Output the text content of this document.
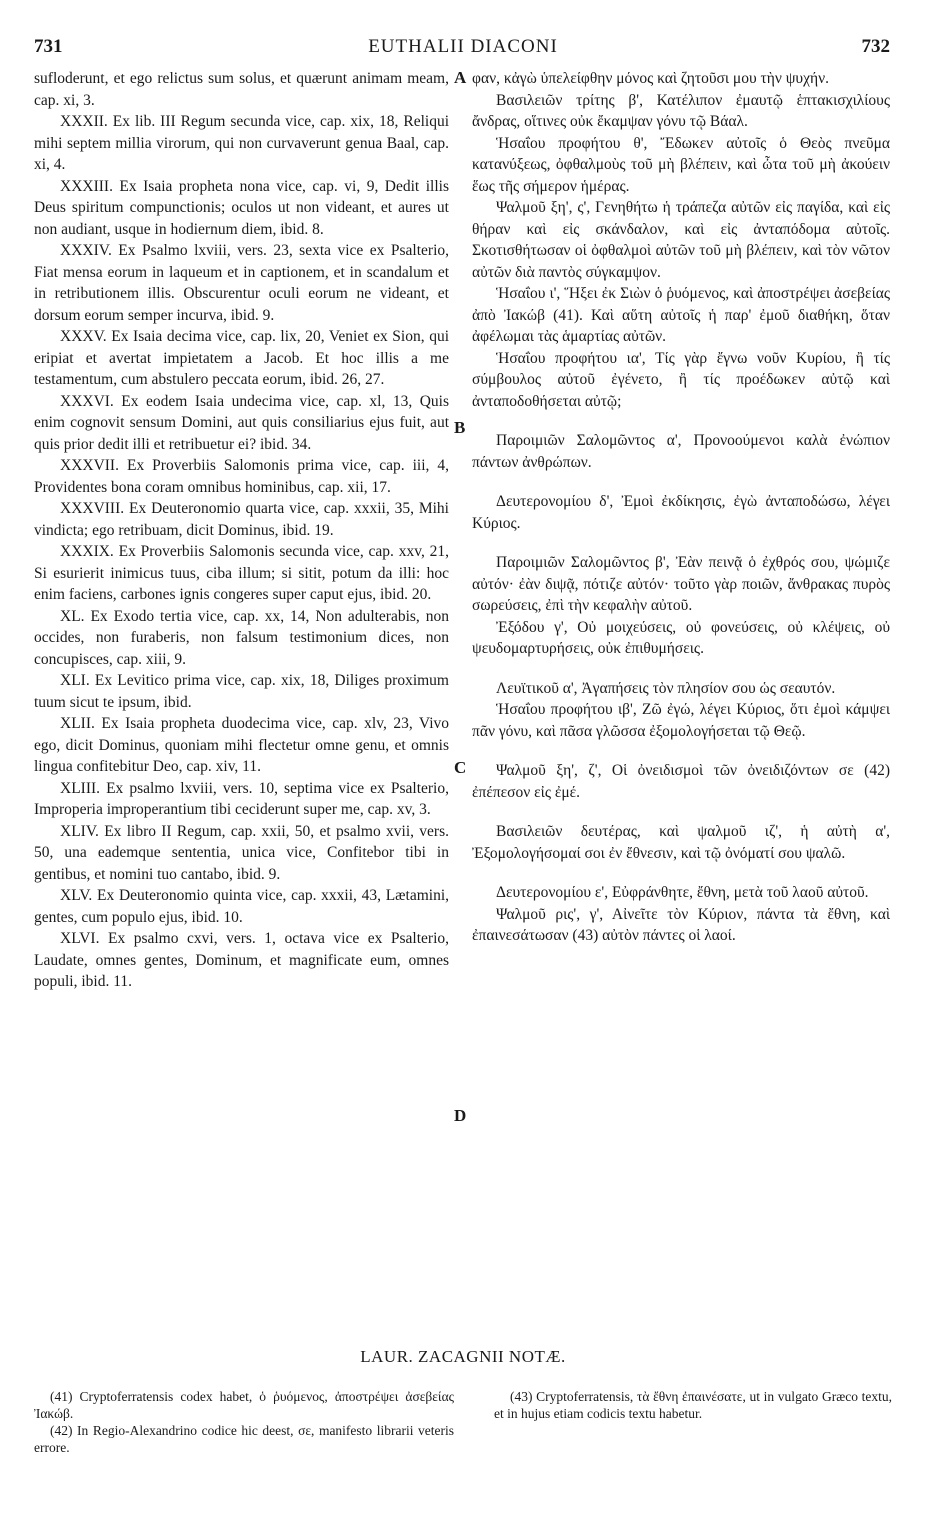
731	EUTHALII DIACONI	732
A
B
C
D

sufloderunt, et ego relictus sum solus, et quærunt animam meam, cap. xi, 3.

XXXII. Ex lib. III Regum secunda vice, cap. xix, 18, Reliqui mihi septem millia virorum, qui non curvaverunt genua Baal, cap. xi, 4.

XXXIII. Ex Isaia propheta nona vice, cap. vi, 9, Dedit illis Deus spiritum compunctionis; oculos ut non videant, et aures ut non audiant, usque in hodiernum diem, ibid. 8.

XXXIV. Ex Psalmo lxviii, vers. 23, sexta vice ex Psalterio, Fiat mensa eorum in laqueum et in captionem, et in scandalum et in retributionem illis. Obscurentur oculi eorum ne videant, et dorsum eorum semper incurva, ibid. 9.

XXXV. Ex Isaia decima vice, cap. lix, 20, Veniet ex Sion, qui eripiat et avertat impietatem a Jacob. Et hoc illis a me testamentum, cum abstulero peccata eorum, ibid. 26, 27.

XXXVI. Ex eodem Isaia undecima vice, cap. xl, 13, Quis enim cognovit sensum Domini, aut quis consiliarius ejus fuit, aut quis prior dedit illi et retribuetur ei? ibid. 34.

XXXVII. Ex Proverbiis Salomonis prima vice, cap. iii, 4, Providentes bona coram omnibus hominibus, cap. xii, 17.

XXXVIII. Ex Deuteronomio quarta vice, cap. xxxii, 35, Mihi vindicta; ego retribuam, dicit Dominus, ibid. 19.

XXXIX. Ex Proverbiis Salomonis secunda vice, cap. xxv, 21, Si esurierit inimicus tuus, ciba illum; si sitit, potum da illi: hoc enim faciens, carbones ignis congeres super caput ejus, ibid. 20.

XL. Ex Exodo tertia vice, cap. xx, 14, Non adulterabis, non occides, non furaberis, non falsum testimonium dices, non concupisces, cap. xiii, 9.

XLI. Ex Levitico prima vice, cap. xix, 18, Diliges proximum tuum sicut te ipsum, ibid.

XLII. Ex Isaia propheta duodecima vice, cap. xlv, 23, Vivo ego, dicit Dominus, quoniam mihi flectetur omne genu, et omnis lingua confitebitur Deo, cap. xiv, 11.

XLIII. Ex psalmo lxviii, vers. 10, septima vice ex Psalterio, Improperia improperantium tibi ceciderunt super me, cap. xv, 3.

XLIV. Ex libro II Regum, cap. xxii, 50, et psalmo xvii, vers. 50, una eademque sententia, unica vice, Confitebor tibi in gentibus, et nomini tuo cantabo, ibid. 9.

XLV. Ex Deuteronomio quinta vice, cap. xxxii, 43, Lætamini, gentes, cum populo ejus, ibid. 10.

XLVI. Ex psalmo cxvi, vers. 1, octava vice ex Psalterio, Laudate, omnes gentes, Dominum, et magnificate eum, omnes populi, ibid. 11.

φαν, κἀγὼ ὑπελείφθην μόνος καὶ ζητοῦσι μου τὴν ψυχήν.

Βασιλειῶν τρίτης β', Κατέλιπον ἐμαυτῷ ἑπτακισχιλίους ἄνδρας, οἵτινες οὐκ ἔκαμψαν γόνυ τῷ Βάαλ.

Ἡσαΐου προφήτου θ', Ἔδωκεν αὐτοῖς ὁ Θεὸς πνεῦμα κατανύξεως, ὀφθαλμοὺς τοῦ μὴ βλέπειν, καὶ ὦτα τοῦ μὴ ἀκούειν ἕως τῆς σήμερον ἡμέρας.

Ψαλμοῦ ξη', ς', Γενηθήτω ἡ τράπεζα αὐτῶν εἰς παγίδα, καὶ εἰς θήραν καὶ εἰς σκάνδαλον, καὶ εἰς ἀνταπόδομα αὐτοῖς. Σκοτισθήτωσαν οἱ ὀφθαλμοὶ αὐτῶν τοῦ μὴ βλέπειν, καὶ τὸν νῶτον αὐτῶν διὰ παντὸς σύγκαμψον.

Ἡσαΐου ι', Ἥξει ἐκ Σιὼν ὁ ῥυόμενος, καὶ ἀποστρέψει ἀσεβείας ἀπὸ Ἰακώβ (41). Καὶ αὕτη αὐτοῖς ἡ παρ' ἐμοῦ διαθήκη, ὅταν ἀφέλωμαι τὰς ἁμαρτίας αὐτῶν.

Ἡσαΐου προφήτου ια', Τίς γὰρ ἔγνω νοῦν Κυρίου, ἢ τίς σύμβουλος αὐτοῦ ἐγένετο, ἢ τίς προέδωκεν αὐτῷ καὶ ἀνταποδοθήσεται αὐτῷ;

Παροιμιῶν Σαλομῶντος α', Προνοούμενοι καλὰ ἐνώπιον πάντων ἀνθρώπων.

Δευτερονομίου δ', Ἐμοὶ ἐκδίκησις, ἐγὼ ἀνταποδώσω, λέγει Κύριος.

Παροιμιῶν Σαλομῶντος β', Ἐὰν πεινᾷ ὁ ἐχθρός σου, ψώμιζε αὐτόν· ἐὰν διψᾷ, πότιζε αὐτόν· τοῦτο γὰρ ποιῶν, ἄνθρακας πυρὸς σωρεύσεις, ἐπὶ τὴν κεφαλὴν αὐτοῦ.

Ἐξόδου γ', Οὐ μοιχεύσεις, οὐ φονεύσεις, οὐ κλέψεις, οὐ ψευδομαρτυρήσεις, οὐκ ἐπιθυμήσεις.

Λευϊτικοῦ α', Ἀγαπήσεις τὸν πλησίον σου ὡς σεαυτόν.

Ἡσαΐου προφήτου ιβ', Ζῶ ἐγώ, λέγει Κύριος, ὅτι ἐμοὶ κάμψει πᾶν γόνυ, καὶ πᾶσα γλῶσσα ἐξομολογήσεται τῷ Θεῷ.

Ψαλμοῦ ξη', ζ', Οἱ ὀνειδισμοὶ τῶν ὀνειδιζόντων σε (42) ἐπέπεσον εἰς ἐμέ.

Βασιλειῶν δευτέρας, καὶ ψαλμοῦ ιζ', ἡ αὐτὴ α', Ἐξομολογήσομαί σοι ἐν ἔθνεσιν, καὶ τῷ ὀνόματί σου ψαλῶ.

Δευτερονομίου ε', Εὐφράνθητε, ἔθνη, μετὰ τοῦ λαοῦ αὐτοῦ.

Ψαλμοῦ ρις', γ', Αἰνεῖτε τὸν Κύριον, πάντα τὰ ἔθνη, καὶ ἐπαινεσάτωσαν (43) αὐτὸν πάντες οἱ λαοί.

LAUR. ZACAGNII NOTÆ.

(41) Cryptoferratensis codex habet, ὁ ῥυόμενος, ἀποστρέψει ἀσεβείας Ἰακώβ.

(42) In Regio-Alexandrino codice hic deest, σε, manifesto librarii veteris errore.

(43) Cryptoferratensis, τὰ ἔθνη ἐπαινέσατε, ut in vulgato Græco textu, et in hujus etiam codicis textu habetur.
